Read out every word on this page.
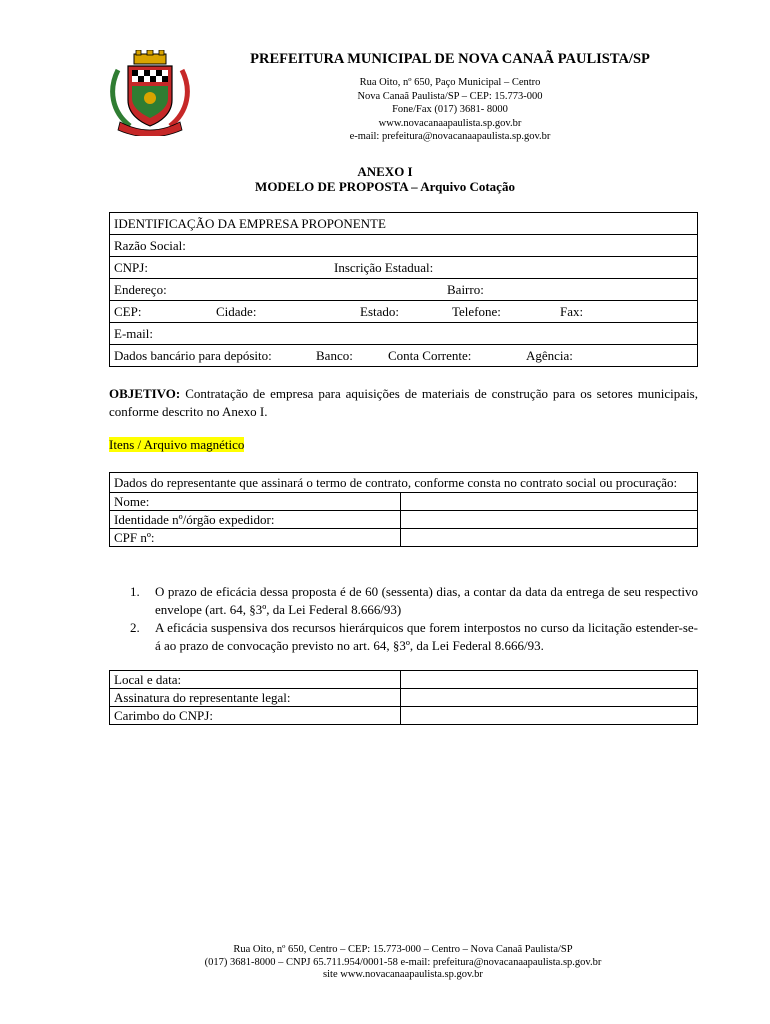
PREFEITURA MUNICIPAL DE NOVA CANAÃ PAULISTA/SP
Rua Oito, nº 650, Paço Municipal – Centro
Nova Canaã Paulista/SP – CEP: 15.773-000
Fone/Fax (017) 3681- 8000
www.novacanaapaulista.sp.gov.br
e-mail: prefeitura@novacanaapaulista.sp.gov.br
ANEXO I
MODELO DE PROPOSTA – Arquivo Cotação
IDENTIFICAÇÃO DA EMPRESA PROPONENTE
Razão Social:
CNPJ:	Inscrição Estadual:

Endereço:	Bairro:

CEP:	Cidade:	Estado:	Telefone:	Fax:

E-mail:
Dados bancário para depósito:	Banco:	Conta Corrente:	Agência:
OBJETIVO: Contratação de empresa para aquisições de materiais de construção para os setores municipais, conforme descrito no Anexo I.
Itens / Arquivo magnético
Dados do representante que assinará o termo de contrato, conforme consta no contrato social ou procuração:	
Nome:	
Identidade nº/órgão expedidor:	
CPF nº:	
1. O prazo de eficácia dessa proposta é de 60 (sessenta) dias, a contar da data da entrega de seu respectivo envelope (art. 64, §3º, da Lei Federal 8.666/93)
2. A eficácia suspensiva dos recursos hierárquicos que forem interpostos no curso da licitação estender-se-á ao prazo de convocação previsto no art. 64, §3º, da Lei Federal 8.666/93.
Local e data:	
Assinatura do representante legal:	
Carimbo do CNPJ:	
Rua Oito, nº 650, Centro – CEP: 15.773-000 – Centro – Nova Canaã Paulista/SP
(017) 3681-8000 – CNPJ 65.711.954/0001-58 e-mail: prefeitura@novacanaapaulista.sp.gov.br
site www.novacanaapaulista.sp.gov.br
